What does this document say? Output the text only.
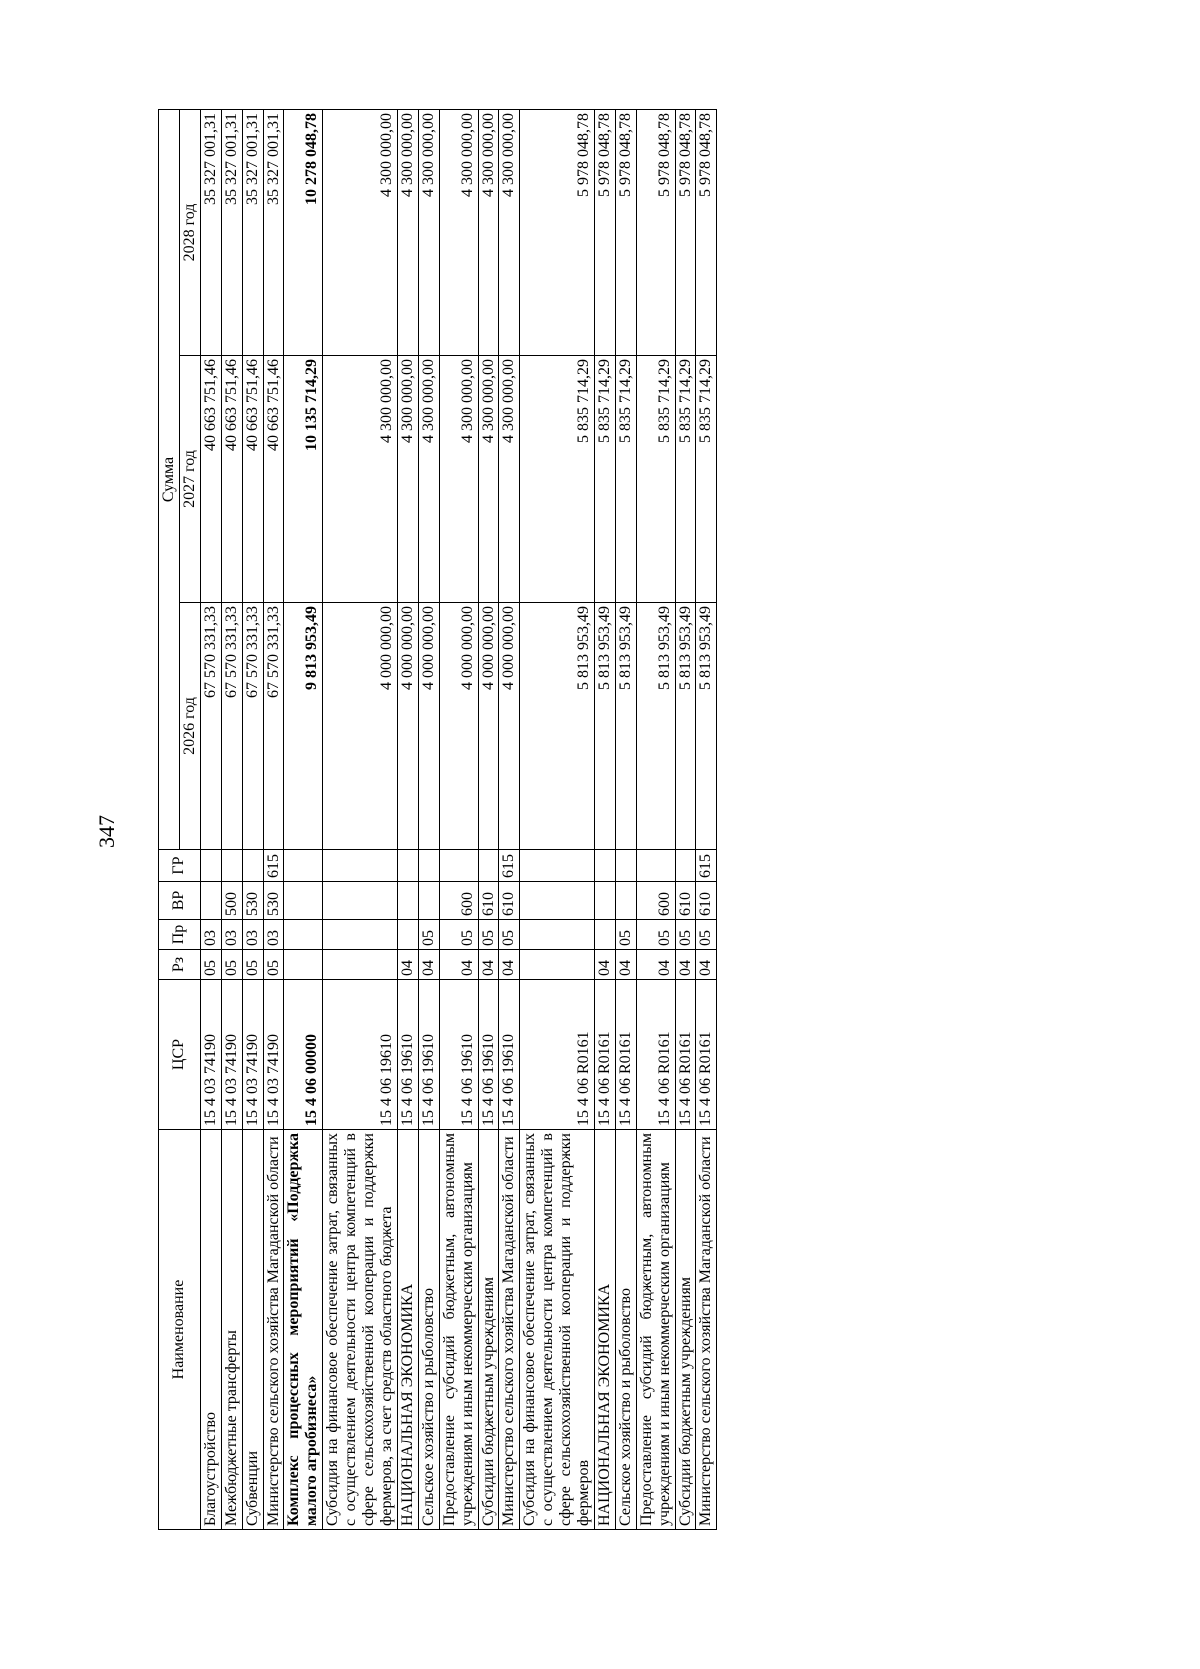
347
Наименование	ЦСР	Рз	Пр	ВР	ГР	Сумма		
						2026 год	2027 год	2028 год
Благоустройство	15 4 03 74190	05	03			67 570 331,33	40 663 751,46	35 327 001,31
Межбюджетные трансферты	15 4 03 74190	05	03	500		67 570 331,33	40 663 751,46	35 327 001,31
Субвенции	15 4 03 74190	05	03	530		67 570 331,33	40 663 751,46	35 327 001,31
Министерство сельского хозяйства Магаданской области	15 4 03 74190	05	03	530	615	67 570 331,33	40 663 751,46	35 327 001,31
Комплекс процессных мероприятий «Поддержка малого агробизнеса»	15 4 06 00000					9 813 953,49	10 135 714,29	10 278 048,78
Субсидия на финансовое обеспечение затрат, связанных с осуществлением деятельности центра компетенций в сфере сельскохозяйственной кооперации и поддержки фермеров, за счет средств областного бюджета	15 4 06 19610					4 000 000,00	4 300 000,00	4 300 000,00
НАЦИОНАЛЬНАЯ ЭКОНОМИКА	15 4 06 19610	04				4 000 000,00	4 300 000,00	4 300 000,00
Сельское хозяйство и рыболовство	15 4 06 19610	04	05			4 000 000,00	4 300 000,00	4 300 000,00
Предоставление субсидий бюджетным, автономным учреждениям и иным некоммерческим организациям	15 4 06 19610	04	05	600		4 000 000,00	4 300 000,00	4 300 000,00
Субсидии бюджетным учреждениям	15 4 06 19610	04	05	610		4 000 000,00	4 300 000,00	4 300 000,00
Министерство сельского хозяйства Магаданской области	15 4 06 19610	04	05	610	615	4 000 000,00	4 300 000,00	4 300 000,00
Субсидия на финансовое обеспечение затрат, связанных с осуществлением деятельности центра компетенций в сфере сельскохозяйственной кооперации и поддержки фермеров	15 4 06 R0161					5 813 953,49	5 835 714,29	5 978 048,78
НАЦИОНАЛЬНАЯ ЭКОНОМИКА	15 4 06 R0161	04				5 813 953,49	5 835 714,29	5 978 048,78
Сельское хозяйство и рыболовство	15 4 06 R0161	04	05			5 813 953,49	5 835 714,29	5 978 048,78
Предоставление субсидий бюджетным, автономным учреждениям и иным некоммерческим организациям	15 4 06 R0161	04	05	600		5 813 953,49	5 835 714,29	5 978 048,78
Субсидии бюджетным учреждениям	15 4 06 R0161	04	05	610		5 813 953,49	5 835 714,29	5 978 048,78
Министерство сельского хозяйства Магаданской области	15 4 06 R0161	04	05	610	615	5 813 953,49	5 835 714,29	5 978 048,78
